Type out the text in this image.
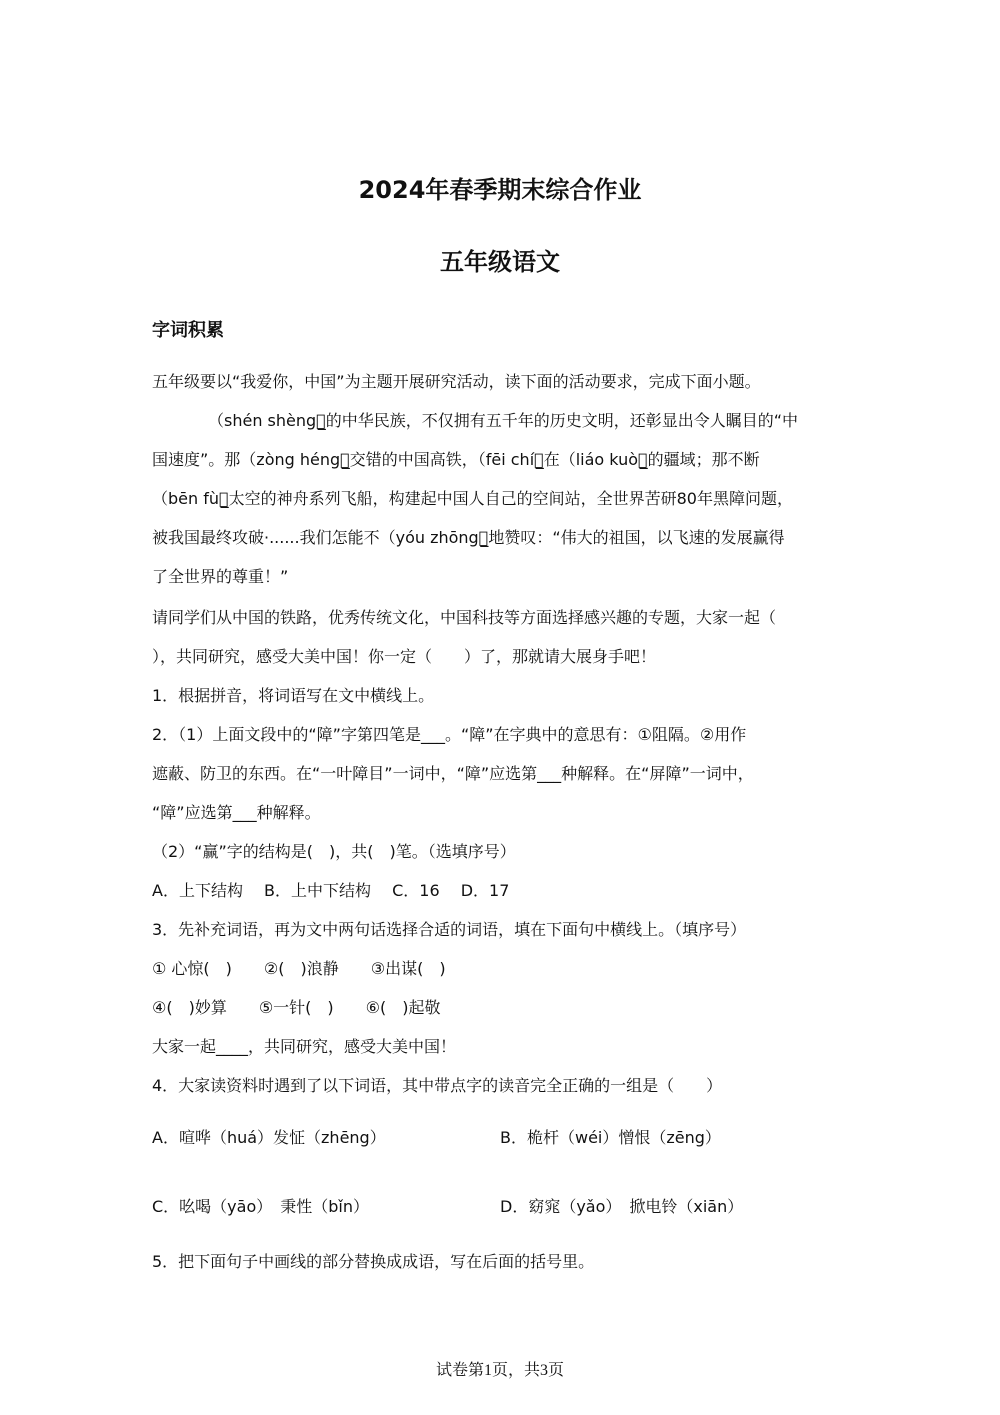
2024年春季期末综合作业
五年级语文
字词积累
五年级要以“我爱你，中国”为主题开展研究活动，读下面的活动要求，完成下面小题。
（shén shèng）̲的中华民族，不仅拥有五千年的历史文明，还彰显出令人瞩目的“中
国速度”。那（zòng héng）̲交错的中国高铁，（fēi chí）̲在（liáo kuò）̲的疆域；那不断
（bēn fù）̲太空的神舟系列飞船，构建起中国人自己的空间站，全世界苦研80年黑障问题，
被我国最终攻破·......我们怎能不（yóu zhōng）̲地赞叹：“伟大的祖国，以飞速的发展赢得
了全世界的尊重！”
请同学们从中国的铁路，优秀传统文化，中国科技等方面选择感兴趣的专题，大家一起（
），共同研究，感受大美中国！你一定（　　）了，那就请大展身手吧！
1．根据拼音，将词语写在文中横线上。
2．（1）上面文段中的“障”字第四笔是___。“障”在字典中的意思有：①阻隔。②用作
遮蔽、防卫的东西。在“一叶障目”一词中，“障”应选第___种解释。在“屏障”一词中，
“障”应选第___种解释。
（2）“赢”字的结构是(　)，共(　)笔。（选填序号）
A．上下结构　 B．上中下结构　 C．16　 D．17
3．先补充词语，再为文中两句话选择合适的词语，填在下面句中横线上。（填序号）
① 心惊(　)　　②(　)浪静　　③出谋(　)
④(　)妙算　　⑤一针(　)　　⑥(　)起敬
大家一起____，共同研究，感受大美中国！
4．大家读资料时遇到了以下词语，其中带点字的读音完全正确的一组是（　　）
A．喧哗（huá）发怔（zhēng）	B．桅杆（wéi）憎恨（zēng）
C．吆喝（yāo）　秉性（bǐn）	D．窈窕（yǎo）　掀电铃（xiān）
5．把下面句子中画线的部分替换成成语，写在后面的括号里。
试卷第1页，共3页
